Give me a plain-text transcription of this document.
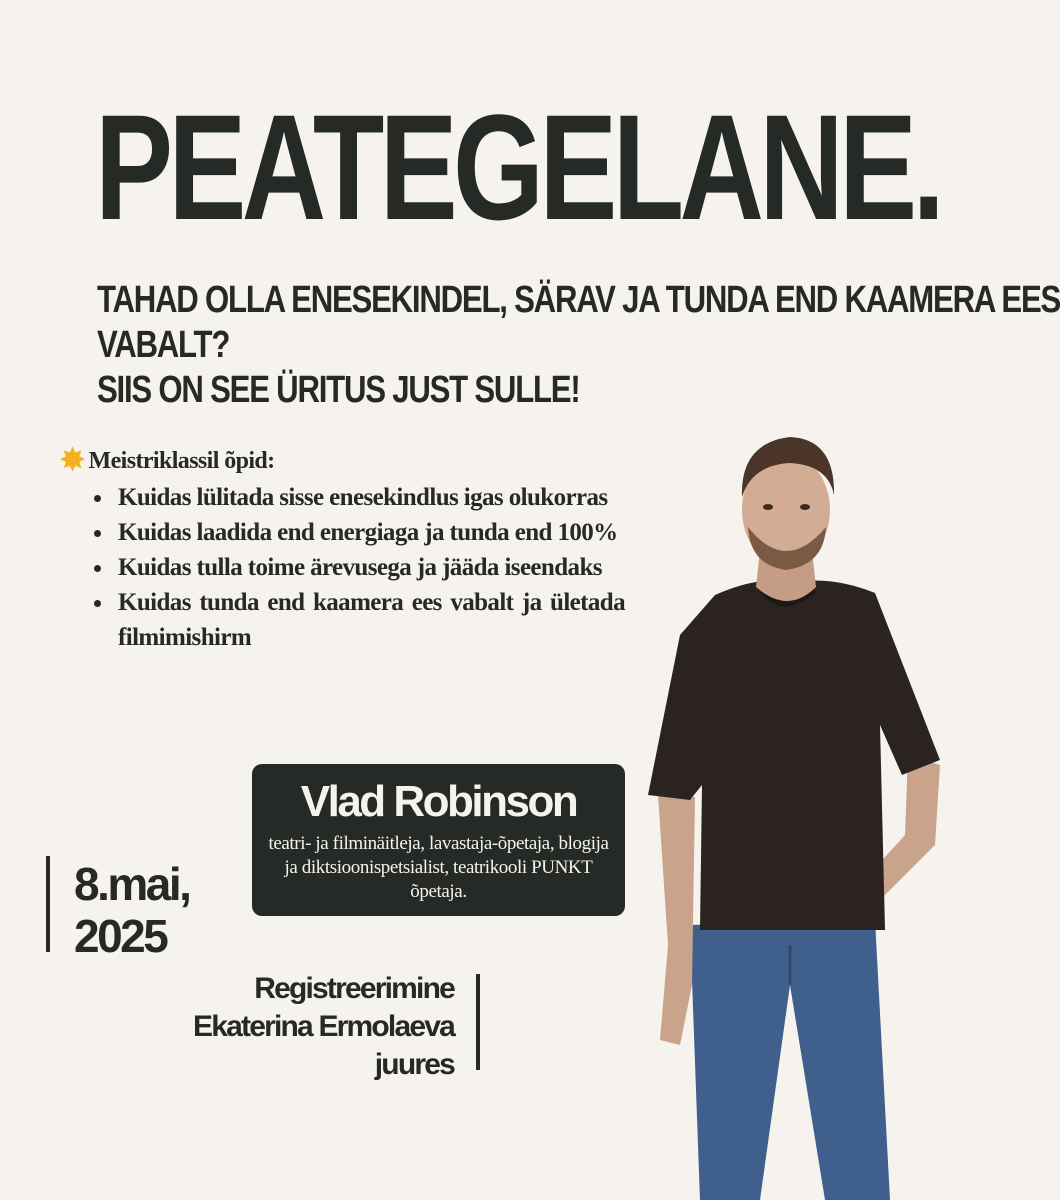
PEATEGELANE.
TAHAD OLLA ENESEKINDEL, SÄRAV JA TUNDA END KAAMERA EES
VABALT?
SIIS ON SEE ÜRITUS JUST SULLE!
✸ Meistriklassil õpid:
Kuidas lülitada sisse enesekindlus igas olukorras
Kuidas laadida end energiaga ja tunda end 100%
Kuidas tulla toime ärevusega ja jääda iseendaks
Kuidas tunda end kaamera ees vabalt ja ületada filmimishirm
Vlad Robinson
teatri- ja filminäitleja, lavastaja-õpetaja, blogija ja diktsioonispetsialist, teatrikooli PUNKT õpetaja.
8.mai,
2025
Registreerimine
Ekaterina Ermolaeva
juures
